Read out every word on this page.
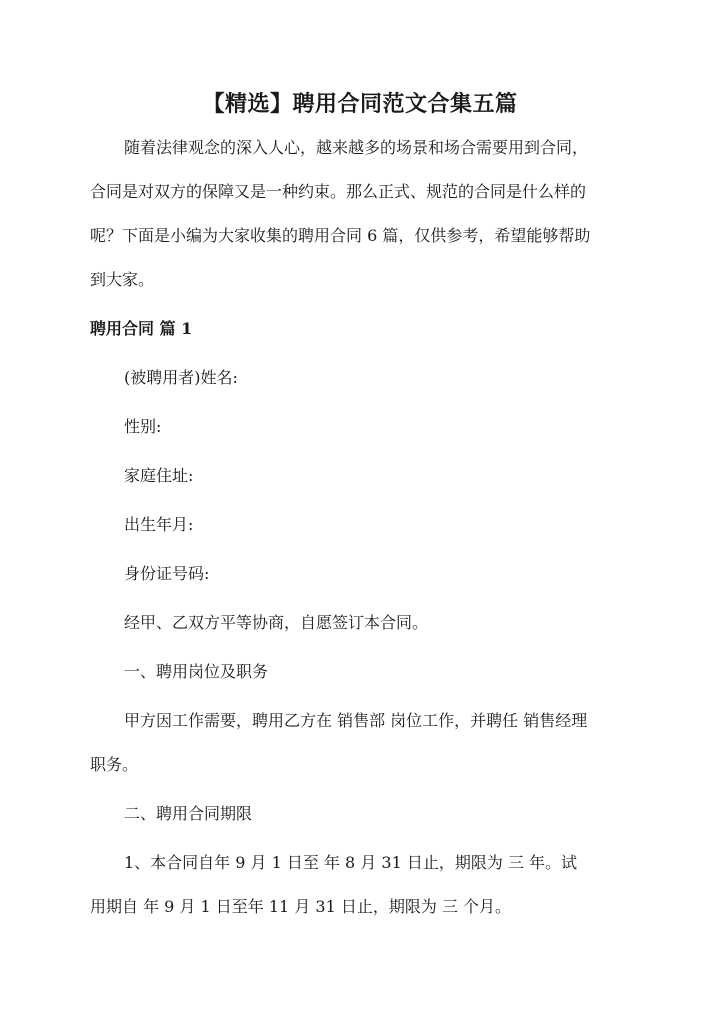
【精选】聘用合同范文合集五篇
随着法律观念的深入人心，越来越多的场景和场合需要用到合同，
合同是对双方的保障又是一种约束。那么正式、规范的合同是什么样的
呢？下面是小编为大家收集的聘用合同 6 篇，仅供参考，希望能够帮助
到大家。
聘用合同 篇 1
(被聘用者)姓名:
性别:
家庭住址:
出生年月:
身份证号码:
经甲、乙双方平等协商，自愿签订本合同。
一、聘用岗位及职务
甲方因工作需要，聘用乙方在 销售部 岗位工作，并聘任 销售经理
职务。
二、聘用合同期限
1、本合同自年 9 月 1 日至 年 8 月 31 日止，期限为 三 年。试
用期自 年 9 月 1 日至年 11 月 31 日止，期限为 三 个月。
